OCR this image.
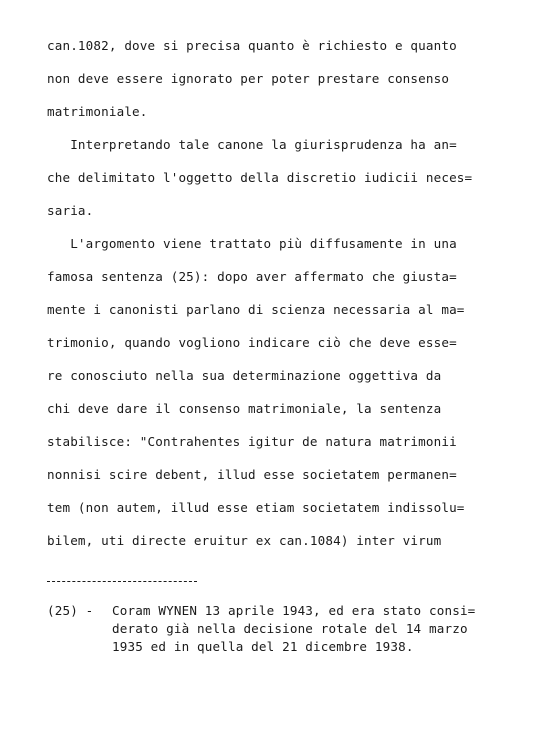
can.1082, dove si precisa quanto è richiesto e quanto
non deve essere ignorato per poter prestare consenso
matrimoniale.
Interpretando tale canone la giurisprudenza ha an=
che delimitato l'oggetto della discretio iudicii neces=
saria.
L'argomento viene trattato più diffusamente in una
famosa sentenza (25): dopo aver affermato che giusta=
mente i canonisti parlano di scienza necessaria al ma=
trimonio, quando vogliono indicare ciò che deve esse=
re conosciuto nella sua determinazione oggettiva da
chi deve dare il consenso matrimoniale, la sentenza
stabilisce: "Contrahentes igitur de natura matrimonii
nonnisi scire debent, illud esse societatem permanen=
tem (non autem, illud esse etiam societatem indissolu=
bilem, uti directe eruitur ex can.1084) inter virum
(25) - Coram WYNEN 13 aprile 1943, ed era stato consi=
derato già nella decisione rotale del 14 marzo
1935 ed in quella del 21 dicembre 1938.
